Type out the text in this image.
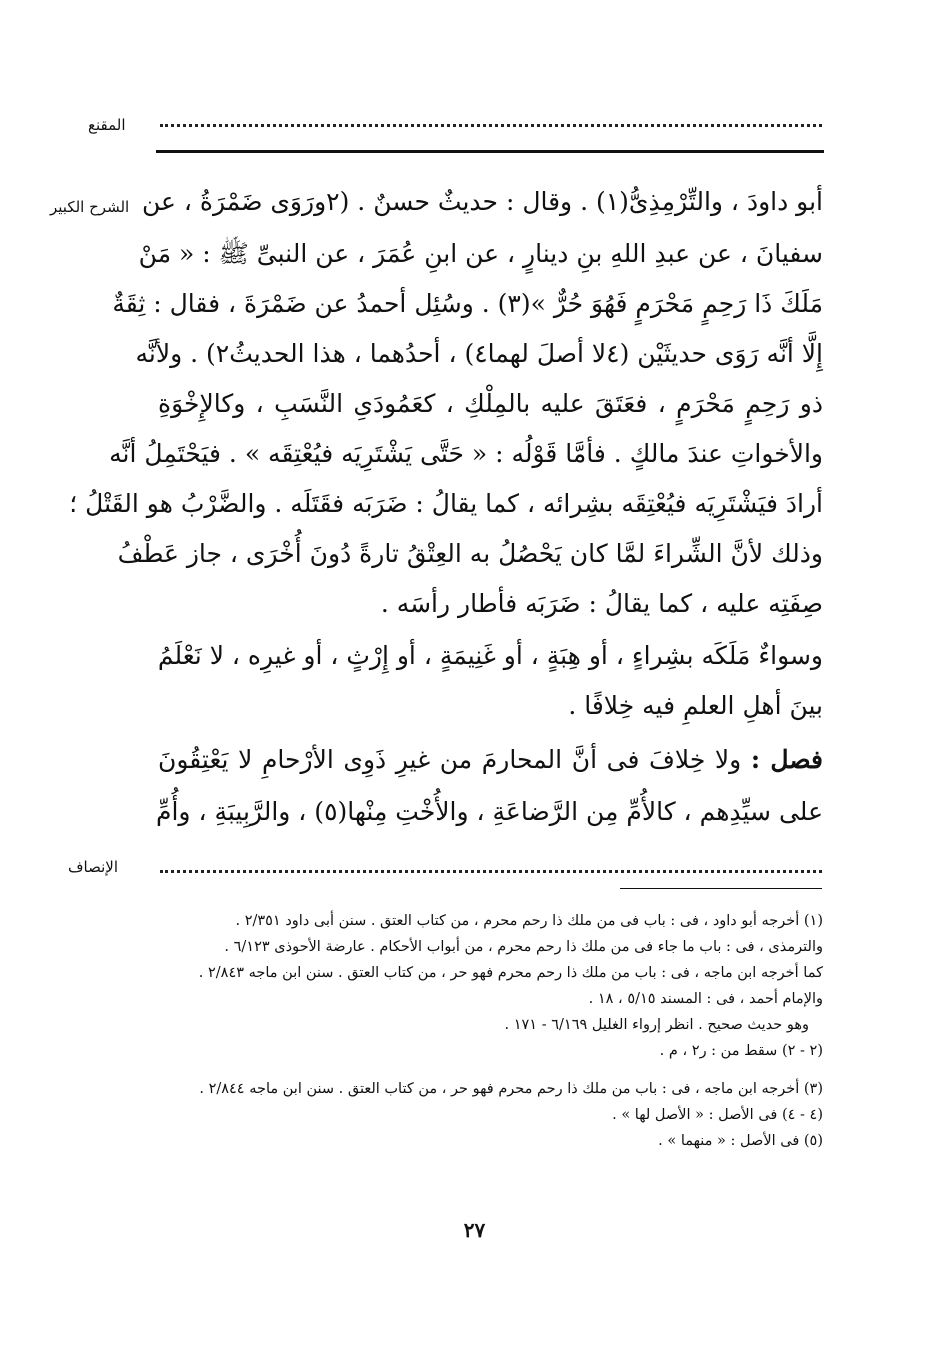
المقنع
الشرح الكبير
الإنصاف
أبو داودَ ، والتِّرْمِذِىُّ(١) . وقال : حديثٌ حسنٌ . (٢ورَوَى ضَمْرَةُ ، عن
سفيانَ ، عن عبدِ اللهِ بنِ دينارٍ ، عن ابنِ عُمَرَ ، عن النبىِّ ﷺ : « مَنْ
مَلَكَ ذَا رَحِمٍ مَحْرَمٍ فَهُوَ حُرٌّ »(٣) . وسُئِل أحمدُ عن ضَمْرَةَ ، فقال : ثِقَةٌ
إِلَّا أنَّه رَوَى حديثَيْن (٤لا أصلَ لهما٤) ، أحدُهما ، هذا الحديثُ٢) . ولأنَّه
ذو رَحِمٍ مَحْرَمٍ ، فعَتَقَ عليه بالمِلْكِ ، كعَمُودَىِ النَّسَبِ ، وكالإِخْوَةِ
والأخواتِ عندَ مالكٍ . فأمَّا قَوْلُه : « حَتَّى يَشْتَرِيَه فيُعْتِقَه » . فيَحْتَمِلُ أنَّه
أرادَ فيَشْتَرِيَه فيُعْتِقَه بشِرائه ، كما يقالُ : ضَرَبَه فقَتَلَه . والضَّرْبُ هو القَتْلُ ؛
وذلك لأنَّ الشِّراءَ لمَّا كان يَحْصُلُ به العِتْقُ تارةً دُونَ أُخْرَى ، جاز عَطْفُ
صِفَتِه عليه ، كما يقالُ : ضَرَبَه فأطار رأسَه .
وسواءٌ مَلَكَه بشِراءٍ ، أو هِبَةٍ ، أو غَنِيمَةٍ ، أو إِرْثٍ ، أو غيرِه ، لا نَعْلَمُ
بينَ أهلِ العلمِ فيه خِلافًا .
فصل : ولا خِلافَ فى أنَّ المحارمَ من غيرِ ذَوِى الأرْحامِ لا يَعْتِقُونَ
على سيِّدِهم ، كالأُمِّ مِن الرَّضاعَةِ ، والأُخْتِ مِنْها(٥) ، والرَّبِيبَةِ ، وأُمِّ
(١) أخرجه أبو داود ، فى : باب فى من ملك ذا رحم محرم ، من كتاب العتق . سنن أبى داود ٢/٣٥١ .
والترمذى ، فى : باب ما جاء فى من ملك ذا رحم محرم ، من أبواب الأحكام . عارضة الأحوذى ٦/١٢٣ .
كما أخرجه ابن ماجه ، فى : باب من ملك ذا رحم محرم فهو حر ، من كتاب العتق . سنن ابن ماجه ٢/٨٤٣ .
والإمام أحمد ، فى : المسند ٥/١٥ ، ١٨ .
وهو حديث صحيح . انظر إرواء الغليل ٦/١٦٩ - ١٧١ .
(٢ - ٢) سقط من : ر٢ ، م .
(٣) أخرجه ابن ماجه ، فى : باب من ملك ذا رحم محرم فهو حر ، من كتاب العتق . سنن ابن ماجه ٢/٨٤٤ .
(٤ - ٤) فى الأصل : « الأصل لها » .
(٥) فى الأصل : « منهما » .
٢٧
